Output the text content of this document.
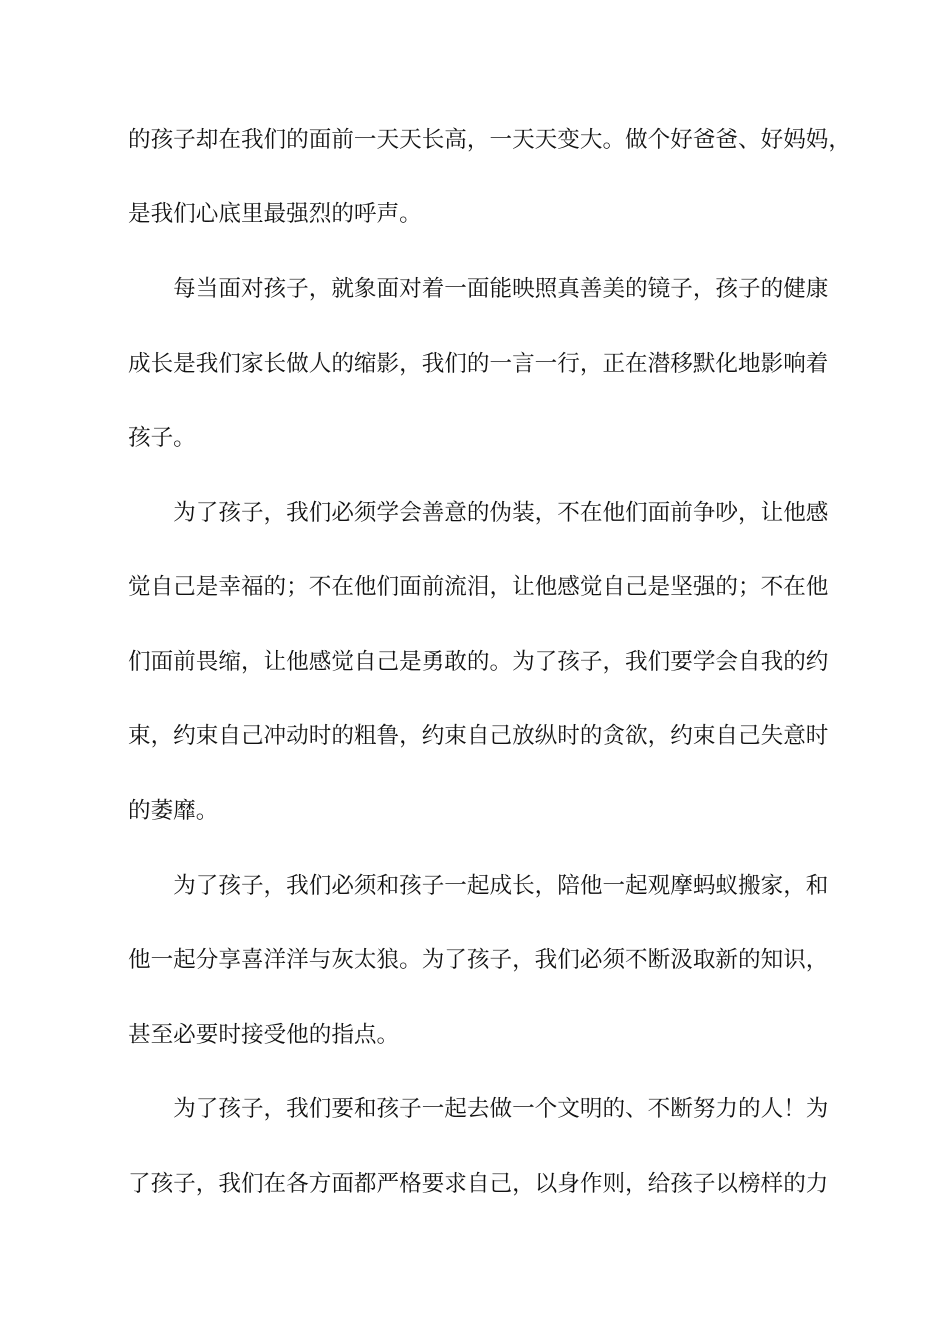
的孩子却在我们的面前一天天长高，一天天变大。做个好爸爸、好妈妈，
是我们心底里最强烈的呼声。
　　每当面对孩子，就象面对着一面能映照真善美的镜子，孩子的健康
成长是我们家长做人的缩影，我们的一言一行，正在潜移默化地影响着
孩子。
　　为了孩子，我们必须学会善意的伪装，不在他们面前争吵，让他感
觉自己是幸福的；不在他们面前流泪，让他感觉自己是坚强的；不在他
们面前畏缩，让他感觉自己是勇敢的。为了孩子，我们要学会自我的约
束，约束自己冲动时的粗鲁，约束自己放纵时的贪欲，约束自己失意时
的萎靡。
　　为了孩子，我们必须和孩子一起成长，陪他一起观摩蚂蚁搬家，和
他一起分享喜洋洋与灰太狼。为了孩子，我们必须不断汲取新的知识，
甚至必要时接受他的指点。
　　为了孩子，我们要和孩子一起去做一个文明的、不断努力的人！为
了孩子，我们在各方面都严格要求自己，以身作则，给孩子以榜样的力
